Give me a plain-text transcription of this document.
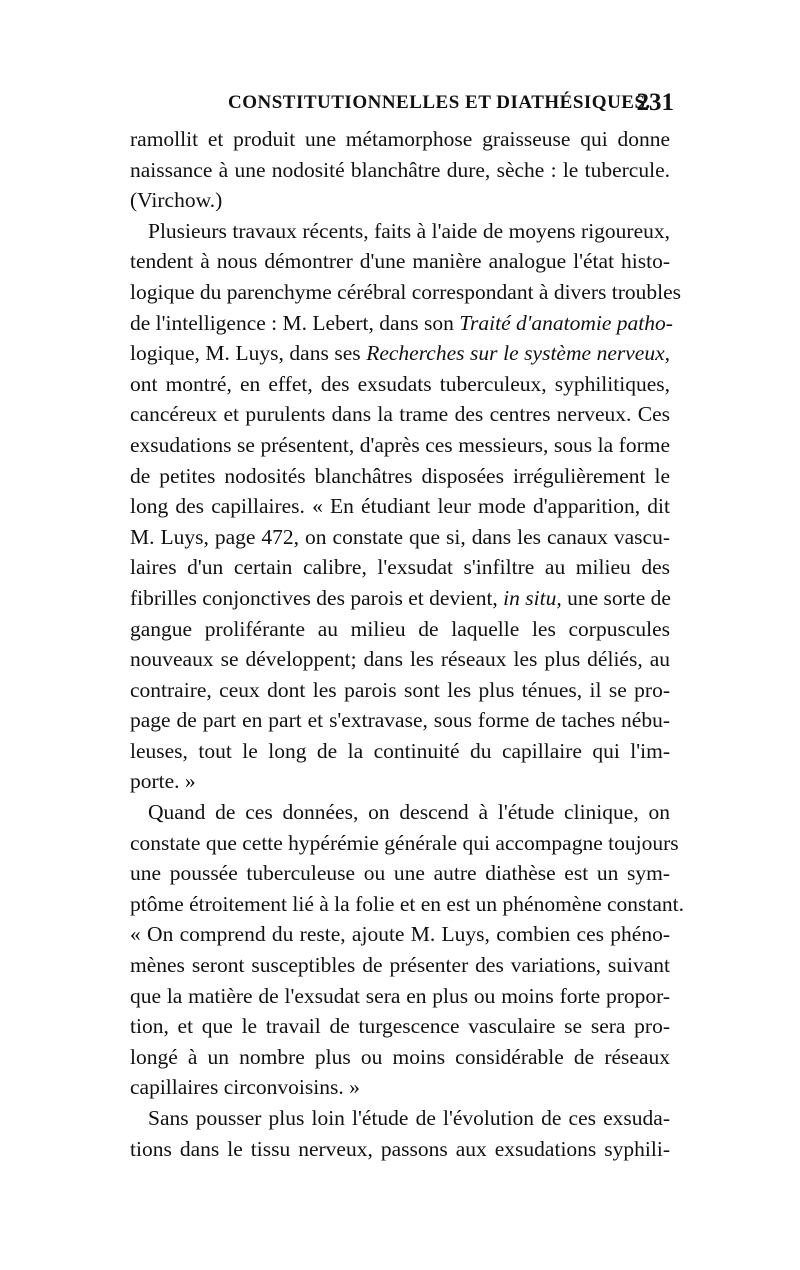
CONSTITUTIONNELLES ET DIATHÉSIQUES.
231
ramollit et produit une métamorphose graisseuse qui donne
naissance à une nodosité blanchâtre dure, sèche : le tubercule.
(Virchow.)
Plusieurs travaux récents, faits à l'aide de moyens rigoureux,
tendent à nous démontrer d'une manière analogue l'état histo-
logique du parenchyme cérébral correspondant à divers troubles
de l'intelligence : M. Lebert, dans son Traité d'anatomie patho-
logique, M. Luys, dans ses Recherches sur le système nerveux,
ont montré, en effet, des exsudats tuberculeux, syphilitiques,
cancéreux et purulents dans la trame des centres nerveux. Ces
exsudations se présentent, d'après ces messieurs, sous la forme
de petites nodosités blanchâtres disposées irrégulièrement le
long des capillaires. « En étudiant leur mode d'apparition, dit
M. Luys, page 472, on constate que si, dans les canaux vascu-
laires d'un certain calibre, l'exsudat s'infiltre au milieu des
fibrilles conjonctives des parois et devient, in situ, une sorte de
gangue proliférante au milieu de laquelle les corpuscules
nouveaux se développent; dans les réseaux les plus déliés, au
contraire, ceux dont les parois sont les plus ténues, il se pro-
page de part en part et s'extravase, sous forme de taches nébu-
leuses, tout le long de la continuité du capillaire qui l'im-
porte. »
Quand de ces données, on descend à l'étude clinique, on
constate que cette hypérémie générale qui accompagne toujours
une poussée tuberculeuse ou une autre diathèse est un sym-
ptôme étroitement lié à la folie et en est un phénomène constant.
« On comprend du reste, ajoute M. Luys, combien ces phéno-
mènes seront susceptibles de présenter des variations, suivant
que la matière de l'exsudat sera en plus ou moins forte propor-
tion, et que le travail de turgescence vasculaire se sera pro-
longé à un nombre plus ou moins considérable de réseaux
capillaires circonvoisins. »
Sans pousser plus loin l'étude de l'évolution de ces exsuda-
tions dans le tissu nerveux, passons aux exsudations syphili-
